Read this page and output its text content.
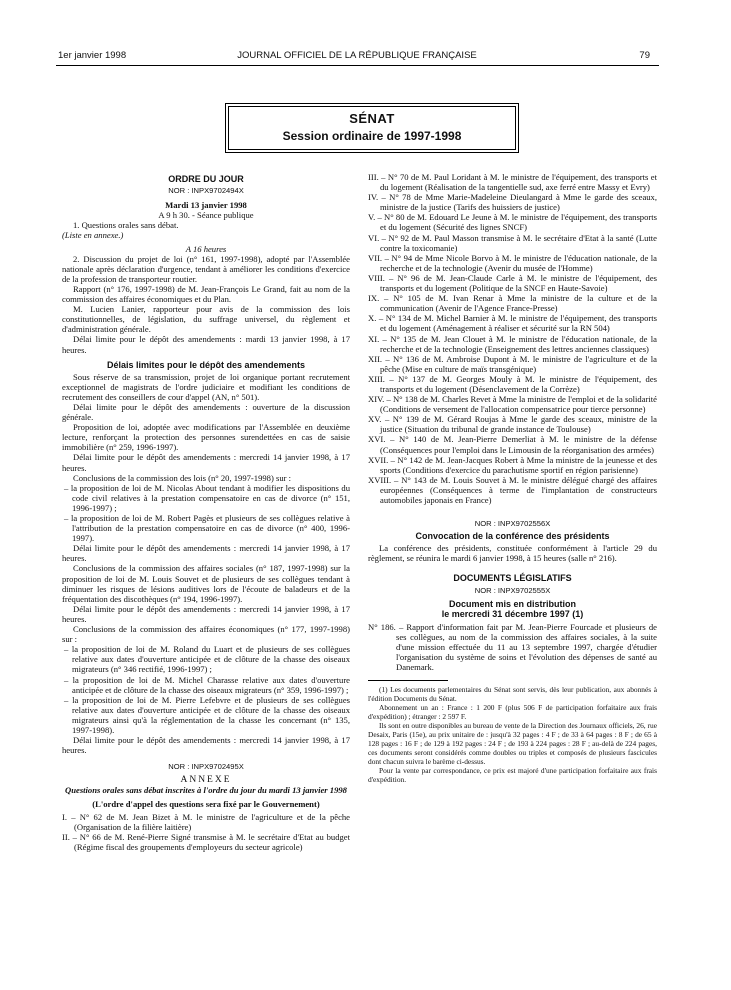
1er janvier 1998	JOURNAL OFFICIEL DE LA RÉPUBLIQUE FRANÇAISE	79
SÉNAT
Session ordinaire de 1997-1998
ORDRE DU JOUR
NOR : INPX9702494X

Mardi 13 janvier 1998

A 9 h 30. - Séance publique

1. Questions orales sans débat.

(Liste en annexe.)

A 16 heures

2. Discussion du projet de loi (n° 161, 1997-1998), adopté par l'Assemblée nationale après déclaration d'urgence, tendant à améliorer les conditions d'exercice de la profession de transporteur routier.

Rapport (n° 176, 1997-1998) de M. Jean-François Le Grand, fait au nom de la commission des affaires économiques et du Plan.

M. Lucien Lanier, rapporteur pour avis de la commission des lois constitutionnelles, de législation, du suffrage universel, du règlement et d'administration générale.

Délai limite pour le dépôt des amendements : mardi 13 janvier 1998, à 17 heures.

Délais limites pour le dépôt des amendements

Sous réserve de sa transmission, projet de loi organique portant recrutement exceptionnel de magistrats de l'ordre judiciaire et modifiant les conditions de recrutement des conseillers de cour d'appel (AN, n° 501).

Délai limite pour le dépôt des amendements : ouverture de la discussion générale.

Proposition de loi, adoptée avec modifications par l'Assemblée en deuxième lecture, renforçant la protection des personnes surendettées en cas de saisie immobilière (n° 259, 1996-1997).

Délai limite pour le dépôt des amendements : mercredi 14 janvier 1998, à 17 heures.

Conclusions de la commission des lois (n° 20, 1997-1998) sur :

– la proposition de loi de M. Nicolas About tendant à modifier les dispositions du code civil relatives à la prestation compensatoire en cas de divorce (n° 151, 1996-1997) ;

– la proposition de loi de M. Robert Pagès et plusieurs de ses collègues relative à l'attribution de la prestation compensatoire en cas de divorce (n° 400, 1996-1997).

Délai limite pour le dépôt des amendements : mercredi 14 janvier 1998, à 17 heures.

Conclusions de la commission des affaires sociales (n° 187, 1997-1998) sur la proposition de loi de M. Louis Souvet et de plusieurs de ses collègues tendant à diminuer les risques de lésions auditives lors de l'écoute de baladeurs et de la fréquentation des discothèques (n° 194, 1996-1997).

Délai limite pour le dépôt des amendements : mercredi 14 janvier 1998, à 17 heures.

Conclusions de la commission des affaires économiques (n° 177, 1997-1998) sur :

– la proposition de loi de M. Roland du Luart et de plusieurs de ses collègues relative aux dates d'ouverture anticipée et de clôture de la chasse des oiseaux migrateurs (n° 346 rectifié, 1996-1997) ;

– la proposition de loi de M. Michel Charasse relative aux dates d'ouverture anticipée et de clôture de la chasse des oiseaux migrateurs (n° 359, 1996-1997) ;

– la proposition de loi de M. Pierre Lefebvre et de plusieurs de ses collègues relative aux dates d'ouverture anticipée et de clôture de la chasse des oiseaux migrateurs ainsi qu'à la réglementation de la chasse les concernant (n° 135, 1997-1998).

Délai limite pour le dépôt des amendements : mercredi 14 janvier 1998, à 17 heures.

NOR : INPX9702495X
ANNEXE

Questions orales sans débat inscrites à l'ordre du jour du mardi 13 janvier 1998

(L'ordre d'appel des questions sera fixé par le Gouvernement)

I. – N° 62 de M. Jean Bizet à M. le ministre de l'agriculture et de la pêche (Organisation de la filière laitière)

II. – N° 66 de M. René-Pierre Signé transmise à M. le secrétaire d'Etat au budget (Régime fiscal des groupements d'employeurs du secteur agricole)

III. – N° 70 de M. Paul Loridant à M. le ministre de l'équipement, des transports et du logement (Réalisation de la tangentielle sud, axe ferré entre Massy et Evry)

IV. – N° 78 de Mme Marie-Madeleine Dieulangard à Mme le garde des sceaux, ministre de la justice (Tarifs des huissiers de justice)

V. – N° 80 de M. Edouard Le Jeune à M. le ministre de l'équipement, des transports et du logement (Sécurité des lignes SNCF)

VI. – N° 92 de M. Paul Masson transmise à M. le secrétaire d'Etat à la santé (Lutte contre la toxicomanie)

VII. – N° 94 de Mme Nicole Borvo à M. le ministre de l'éducation nationale, de la recherche et de la technologie (Avenir du musée de l'Homme)

VIII. – N° 96 de M. Jean-Claude Carle à M. le ministre de l'équipement, des transports et du logement (Politique de la SNCF en Haute-Savoie)

IX. – N° 105 de M. Ivan Renar à Mme la ministre de la culture et de la communication (Avenir de l'Agence France-Presse)

X. – N° 134 de M. Michel Barnier à M. le ministre de l'équipement, des transports et du logement (Aménagement à réaliser et sécurité sur la RN 504)

XI. – N° 135 de M. Jean Clouet à M. le ministre de l'éducation nationale, de la recherche et de la technologie (Enseignement des lettres anciennes classiques)

XII. – N° 136 de M. Ambroise Dupont à M. le ministre de l'agriculture et de la pêche (Mise en culture de maïs transgénique)

XIII. – N° 137 de M. Georges Mouly à M. le ministre de l'équipement, des transports et du logement (Désenclavement de la Corrèze)

XIV. – N° 138 de M. Charles Revet à Mme la ministre de l'emploi et de la solidarité (Conditions de versement de l'allocation compensatrice pour tierce personne)

XV. – N° 139 de M. Gérard Roujas à Mme le garde des sceaux, ministre de la justice (Situation du tribunal de grande instance de Toulouse)

XVI. – N° 140 de M. Jean-Pierre Demerliat à M. le ministre de la défense (Conséquences pour l'emploi dans le Limousin de la réorganisation des armées)

XVII. – N° 142 de M. Jean-Jacques Robert à Mme la ministre de la jeunesse et des sports (Conditions d'exercice du parachutisme sportif en région parisienne)

XVIII. – N° 143 de M. Louis Souvet à M. le ministre délégué chargé des affaires européennes (Conséquences à terme de l'implantation de constructeurs automobiles japonais en France)

NOR : INPX9702556X
Convocation de la conférence des présidents

La conférence des présidents, constituée conformément à l'article 29 du règlement, se réunira le mardi 6 janvier 1998, à 15 heures (salle n° 216).

DOCUMENTS LÉGISLATIFS
NOR : INPX9702555X
Document mis en distribution
le mercredi 31 décembre 1997 (1)

N° 186. – Rapport d'information fait par M. Jean-Pierre Fourcade et plusieurs de ses collègues, au nom de la commission des affaires sociales, à la suite d'une mission effectuée du 11 au 13 septembre 1997, chargée d'étudier l'organisation du système de soins et l'évolution des dépenses de santé au Danemark.

(1) Les documents parlementaires du Sénat sont servis, dès leur publication, aux abonnés à l'édition Documents du Sénat.

Abonnement un an : France : 1 200 F (plus 506 F de participation forfaitaire aux frais d'expédition) ; étranger : 2 597 F.

Ils sont en outre disponibles au bureau de vente de la Direction des Journaux officiels, 26, rue Desaix, Paris (15e), au prix unitaire de : jusqu'à 32 pages : 4 F ; de 33 à 64 pages : 8 F ; de 65 à 128 pages : 16 F ; de 129 à 192 pages : 24 F ; de 193 à 224 pages : 28 F ; au-delà de 224 pages, ces documents seront considérés comme doubles ou triples et composés de plusieurs fascicules dont chacun suivra le barème ci-dessus.

Pour la vente par correspondance, ce prix est majoré d'une participation forfaitaire aux frais d'expédition.
